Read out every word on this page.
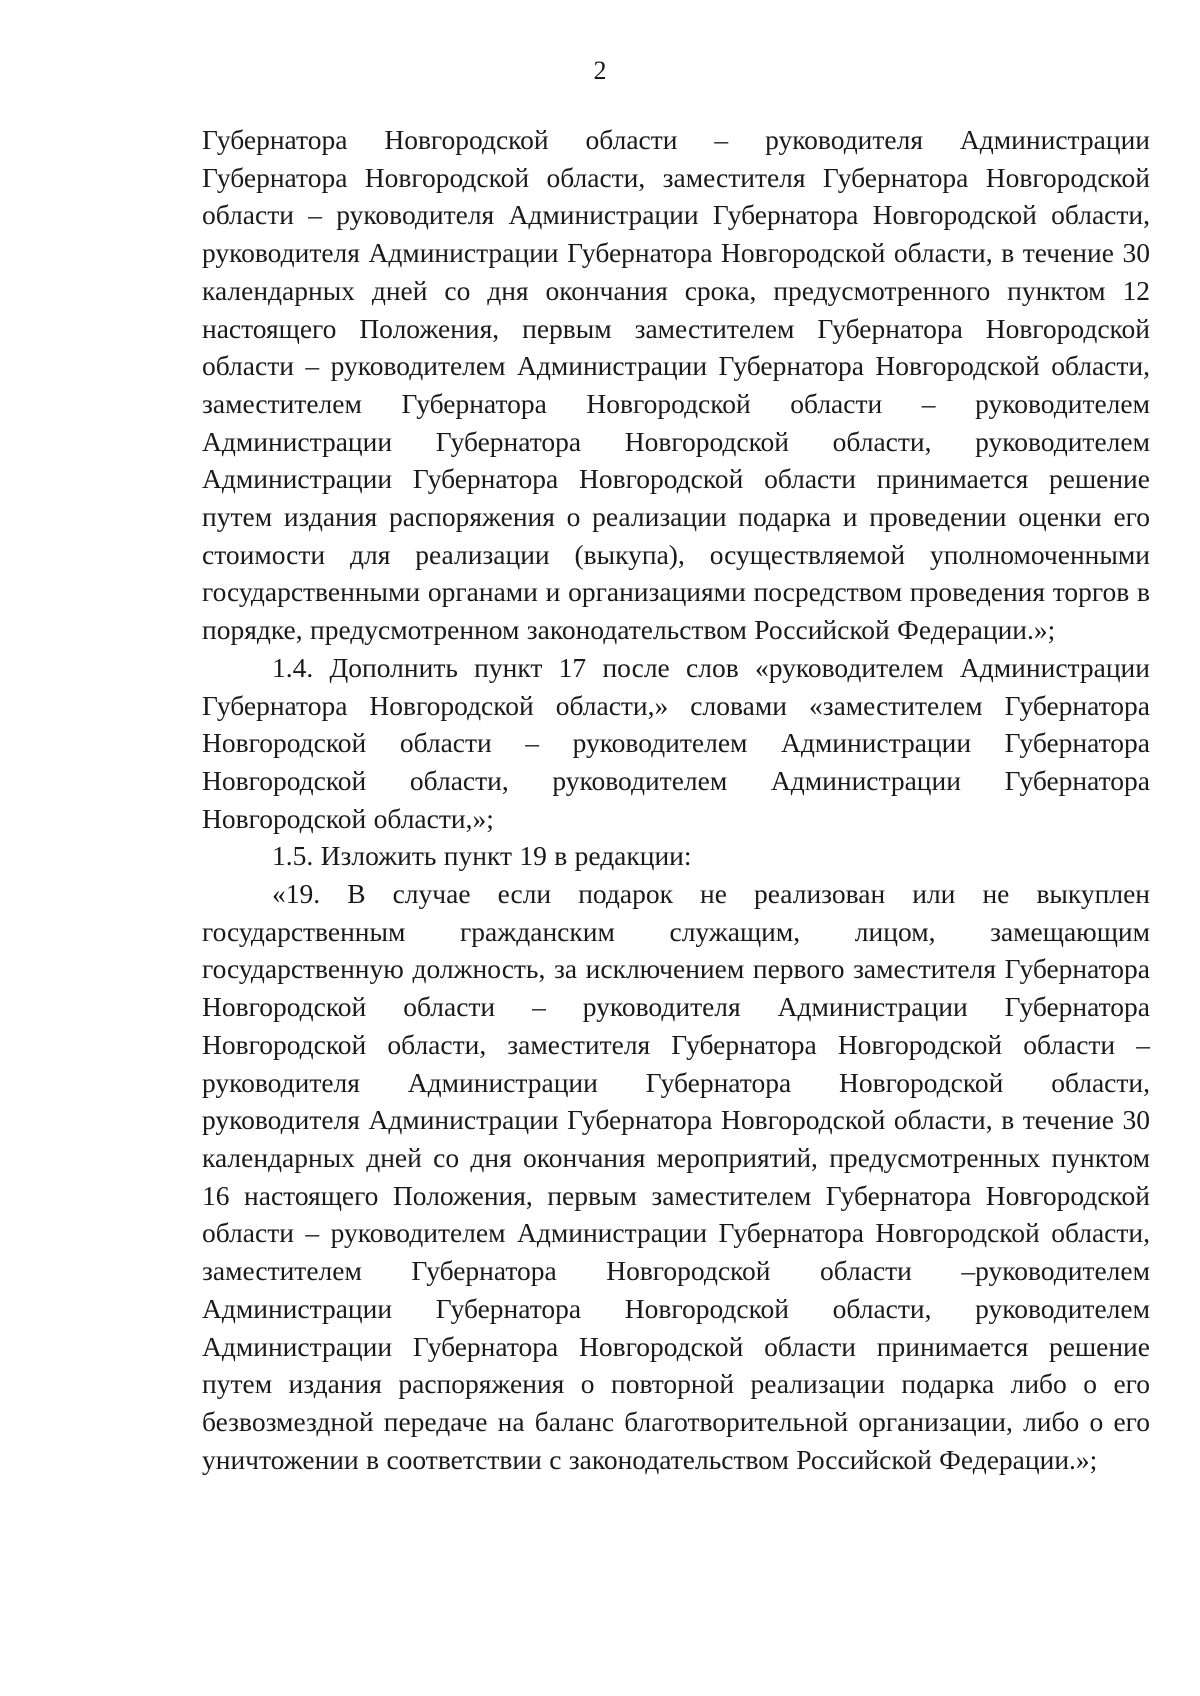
2

Губернатора Новгородской области – руководителя Администрации Губернатора Новгородской области, заместителя Губернатора Новгородской области – руководителя Администрации Губернатора Новгородской области, руководителя Администрации Губернатора Новгородской области, в течение 30 календарных дней со дня окончания срока, предусмотренного пунктом 12 настоящего Положения, первым заместителем Губернатора Новгородской области – руководителем Администрации Губернатора Новгородской области, заместителем Губернатора Новгородской области – руководителем Администрации Губернатора Новгородской области, руководителем Администрации Губернатора Новгородской области принимается решение путем издания распоряжения о реализации подарка и проведении оценки его стоимости для реализации (выкупа), осуществляемой уполномоченными государственными органами и организациями посредством проведения торгов в порядке, предусмотренном законодательством Российской Федерации.»;

1.4. Дополнить пункт 17 после слов «руководителем Администрации Губернатора Новгородской области,» словами «заместителем Губернатора Новгородской области – руководителем Администрации Губернатора Новгородской области, руководителем Администрации Губернатора Новгородской области,»;

1.5. Изложить пункт 19 в редакции:

«19. В случае если подарок не реализован или не выкуплен государственным гражданским служащим, лицом, замещающим государственную должность, за исключением первого заместителя Губернатора Новгородской области – руководителя Администрации Губернатора Новгородской области, заместителя Губернатора Новгородской области – руководителя Администрации Губернатора Новгородской области, руководителя Администрации Губернатора Новгородской области, в течение 30 календарных дней со дня окончания мероприятий, предусмотренных пунктом 16 настоящего Положения, первым заместителем Губернатора Новгородской области – руководителем Администрации Губернатора Новгородской области, заместителем Губернатора Новгородской области –руководителем Администрации Губернатора Новгородской области, руководителем Администрации Губернатора Новгородской области принимается решение путем издания распоряжения о повторной реализации подарка либо о его безвозмездной передаче на баланс благотворительной организации, либо о его уничтожении в соответствии с законодательством Российской Федерации.»;
